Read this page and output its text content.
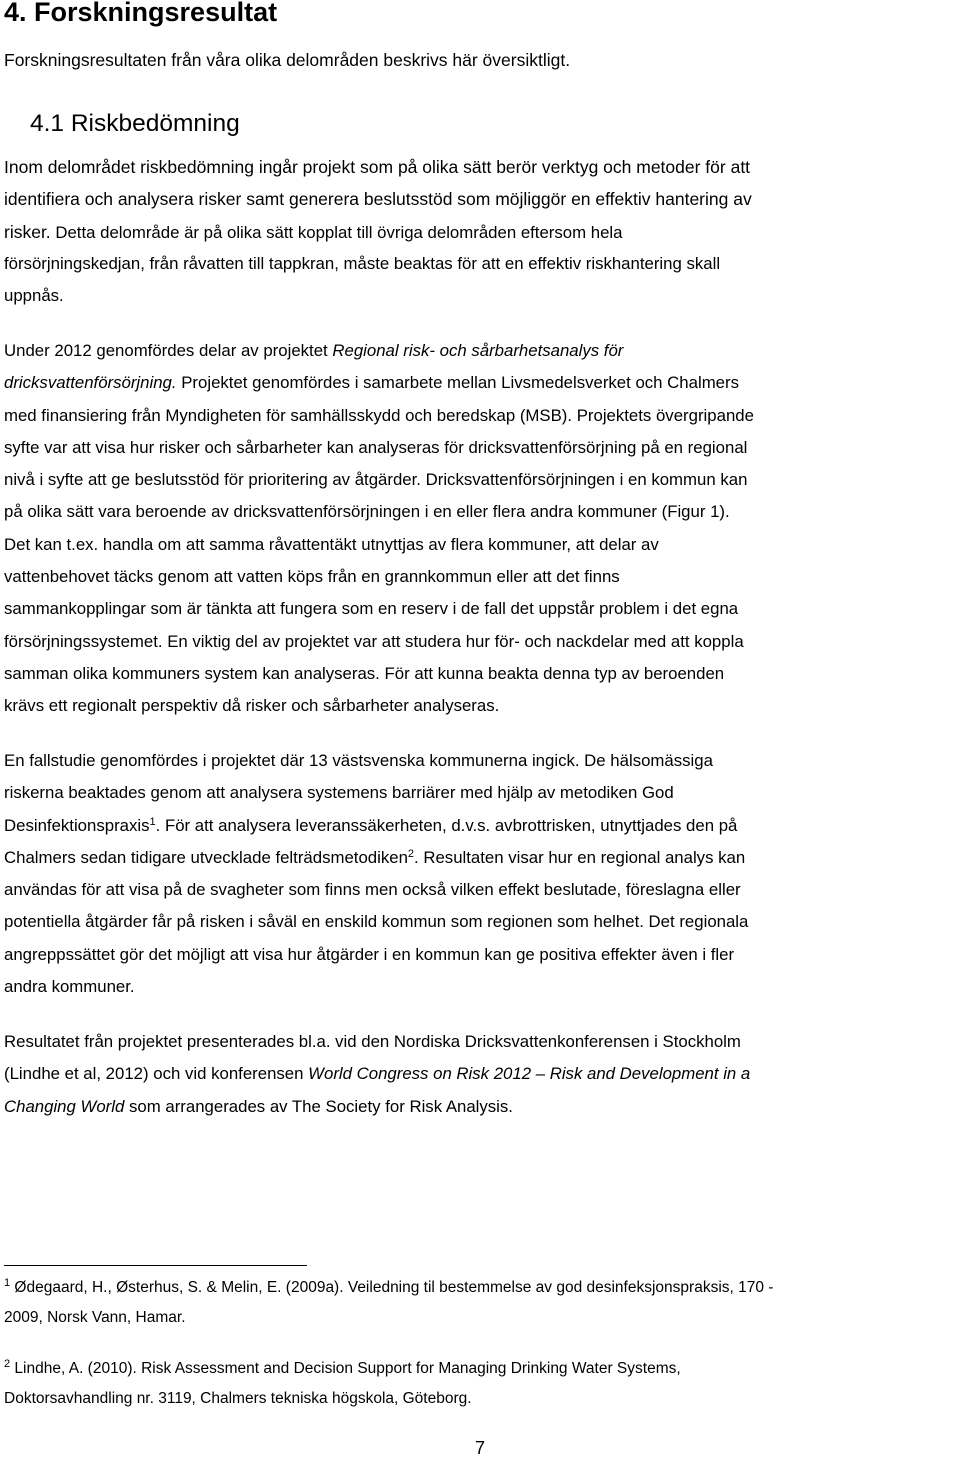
4. Forskningsresultat

Forskningsresultaten från våra olika delområden beskrivs här översiktligt.

4.1 Riskbedömning
Inom delområdet riskbedömning ingår projekt som på olika sätt berör verktyg och metoder för att
identifiera och analysera risker samt generera beslutsstöd som möjliggör en effektiv hantering av
risker. Detta delområde är på olika sätt kopplat till övriga delområden eftersom hela
försörjningskedjan, från råvatten till tappkran, måste beaktas för att en effektiv riskhantering skall
uppnås.
Under 2012 genomfördes delar av projektet Regional risk- och sårbarhetsanalys för
dricksvattenförsörjning. Projektet genomfördes i samarbete mellan Livsmedelsverket och Chalmers
med finansiering från Myndigheten för samhällsskydd och beredskap (MSB). Projektets övergripande
syfte var att visa hur risker och sårbarheter kan analyseras för dricksvattenförsörjning på en regional
nivå i syfte att ge beslutsstöd för prioritering av åtgärder. Dricksvattenförsörjningen i en kommun kan
på olika sätt vara beroende av dricksvattenförsörjningen i en eller flera andra kommuner (Figur 1).
Det kan t.ex. handla om att samma råvattentäkt utnyttjas av flera kommuner, att delar av
vattenbehovet täcks genom att vatten köps från en grannkommun eller att det finns
sammankopplingar som är tänkta att fungera som en reserv i de fall det uppstår problem i det egna
försörjningssystemet. En viktig del av projektet var att studera hur för- och nackdelar med att koppla
samman olika kommuners system kan analyseras. För att kunna beakta denna typ av beroenden
krävs ett regionalt perspektiv då risker och sårbarheter analyseras.
En fallstudie genomfördes i projektet där 13 västsvenska kommunerna ingick. De hälsomässiga
riskerna beaktades genom att analysera systemens barriärer med hjälp av metodiken God
Desinfektionspraxis$^1$. För att analysera leveranssäkerheten, d.v.s. avbrottrisken, utnyttjades den på
Chalmers sedan tidigare utvecklade felträdsmetodiken$^2$. Resultaten visar hur en regional analys kan
användas för att visa på de svagheter som finns men också vilken effekt beslutade, föreslagna eller
potentiella åtgärder får på risken i såväl en enskild kommun som regionen som helhet. Det regionala
angreppssättet gör det möjligt att visa hur åtgärder i en kommun kan ge positiva effekter även i fler
andra kommuner.
Resultatet från projektet presenterades bl.a. vid den Nordiska Dricksvattenkonferensen i Stockholm
(Lindhe et al, 2012) och vid konferensen World Congress on Risk 2012 – Risk and Development in a
Changing World som arrangerades av The Society for Risk Analysis.
$^1$ Ødegaard, H., Østerhus, S. & Melin, E. (2009a). Veiledning til bestemmelse av god desinfeksjonspraksis, 170 -
2009, Norsk Vann, Hamar.
$^2$ Lindhe, A. (2010). Risk Assessment and Decision Support for Managing Drinking Water Systems,
Doktorsavhandling nr. 3119, Chalmers tekniska högskola, Göteborg.
7
